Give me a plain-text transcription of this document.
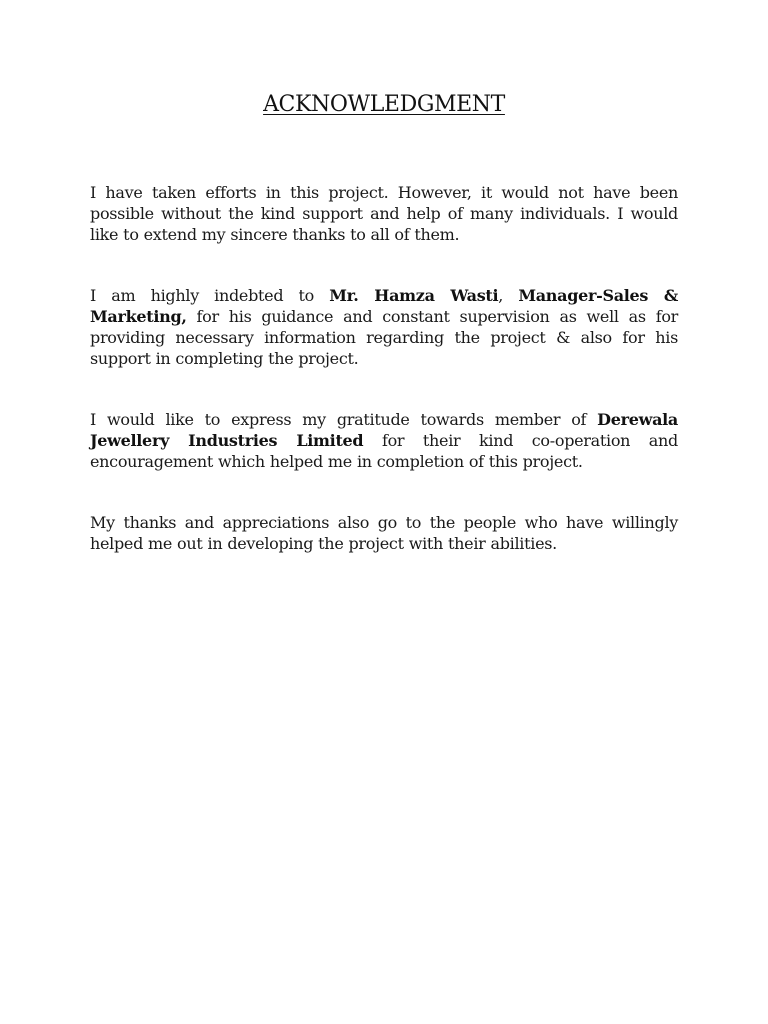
ACKNOWLEDGMENT

I have taken efforts in this project. However, it would not have been possible without the kind support and help of many individuals. I would like to extend my sincere thanks to all of them.

I am highly indebted to Mr. Hamza Wasti, Manager-Sales & Marketing, for his guidance and constant supervision as well as for providing necessary information regarding the project & also for his support in completing the project.

I would like to express my gratitude towards member of Derewala Jewellery Industries Limited for their kind co-operation and encouragement which helped me in completion of this project.

My thanks and appreciations also go to the people who have willingly helped me out in developing the project with their abilities.
